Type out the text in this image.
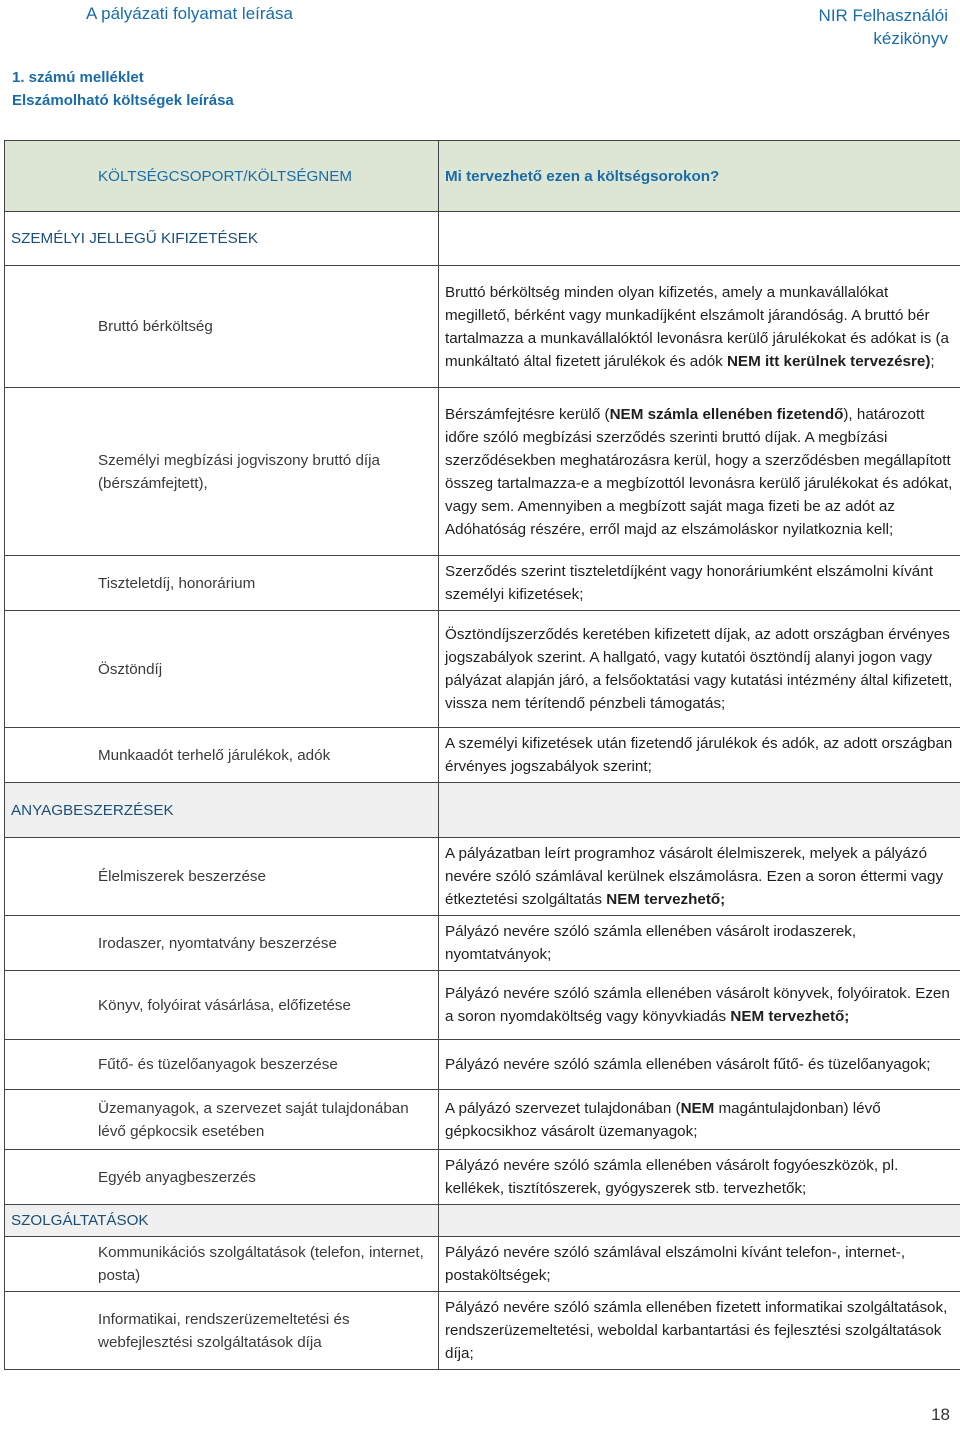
A pályázati folyamat leírása	NIR Felhasználói
kézikönyv
1. számú melléklet
Elszámolható költségek leírása
	KÖLTSÉGCSOPORT/KÖLTSÉGNEM	Mi tervezhető ezen a költségsorokon?
SZEMÉLYI JELLEGŰ KIFIZETÉSEK		
	Bruttó bérköltség	Bruttó bérköltség minden olyan kifizetés, amely a munkavállalókat megillető, bérként vagy munkadíjként elszámolt járandóság. A bruttó bér tartalmazza a munkavállalóktól levonásra kerülő járulékokat és adókat is (a munkáltató által fizetett járulékok és adók NEM itt kerülnek tervezésre);
	Személyi megbízási jogviszony bruttó díja (bérszámfejtett),	Bérszámfejtésre kerülő (NEM számla ellenében fizetendő), határozott időre szóló megbízási szerződés szerinti bruttó díjak. A megbízási szerződésekben meghatározásra kerül, hogy a szerződésben megállapított összeg tartalmazza-e a megbízottól levonásra kerülő járulékokat és adókat, vagy sem. Amennyiben a megbízott saját maga fizeti be az adót az Adóhatóság részére, erről majd az elszámoláskor nyilatkoznia kell;
	Tiszteletdíj, honorárium	Szerződés szerint tiszteletdíjként vagy honoráriumként elszámolni kívánt személyi kifizetések;
	Ösztöndíj	Ösztöndíjszerződés keretében kifizetett díjak, az adott országban érvényes jogszabályok szerint. A hallgató, vagy kutatói ösztöndíj alanyi jogon vagy pályázat alapján járó, a felsőoktatási vagy kutatási intézmény által kifizetett, vissza nem térítendő pénzbeli támogatás;
	Munkaadót terhelő járulékok, adók	A személyi kifizetések után fizetendő járulékok és adók, az adott országban érvényes jogszabályok szerint;
ANYAGBESZERZÉSEK		
	Élelmiszerek beszerzése	A pályázatban leírt programhoz vásárolt élelmiszerek, melyek a pályázó nevére szóló számlával kerülnek elszámolásra. Ezen a soron éttermi vagy étkeztetési szolgáltatás NEM tervezhető;
	Irodaszer, nyomtatvány beszerzése	Pályázó nevére szóló számla ellenében vásárolt irodaszerek, nyomtatványok;
	Könyv, folyóirat vásárlása, előfizetése	Pályázó nevére szóló számla ellenében vásárolt könyvek, folyóiratok. Ezen a soron nyomdaköltség vagy könyvkiadás NEM tervezhető;
	Fűtő- és tüzelőanyagok beszerzése	Pályázó nevére szóló számla ellenében vásárolt fűtő- és tüzelőanyagok;
	Üzemanyagok, a szervezet saját tulajdonában lévő gépkocsik esetében	A pályázó szervezet tulajdonában (NEM magántulajdonban) lévő gépkocsikhoz vásárolt üzemanyagok;
	Egyéb anyagbeszerzés	Pályázó nevére szóló számla ellenében vásárolt fogyóeszközök, pl. kellékek, tisztítószerek, gyógyszerek stb. tervezhetők;
SZOLGÁLTATÁSOK		
	Kommunikációs szolgáltatások (telefon, internet, posta)	Pályázó nevére szóló számlával elszámolni kívánt telefon-, internet-, postaköltségek;
	Informatikai, rendszerüzemeltetési és webfejlesztési szolgáltatások díja	Pályázó nevére szóló számla ellenében fizetett informatikai szolgáltatások, rendszerüzemeltetési, weboldal karbantartási és fejlesztési szolgáltatások díja;
18
